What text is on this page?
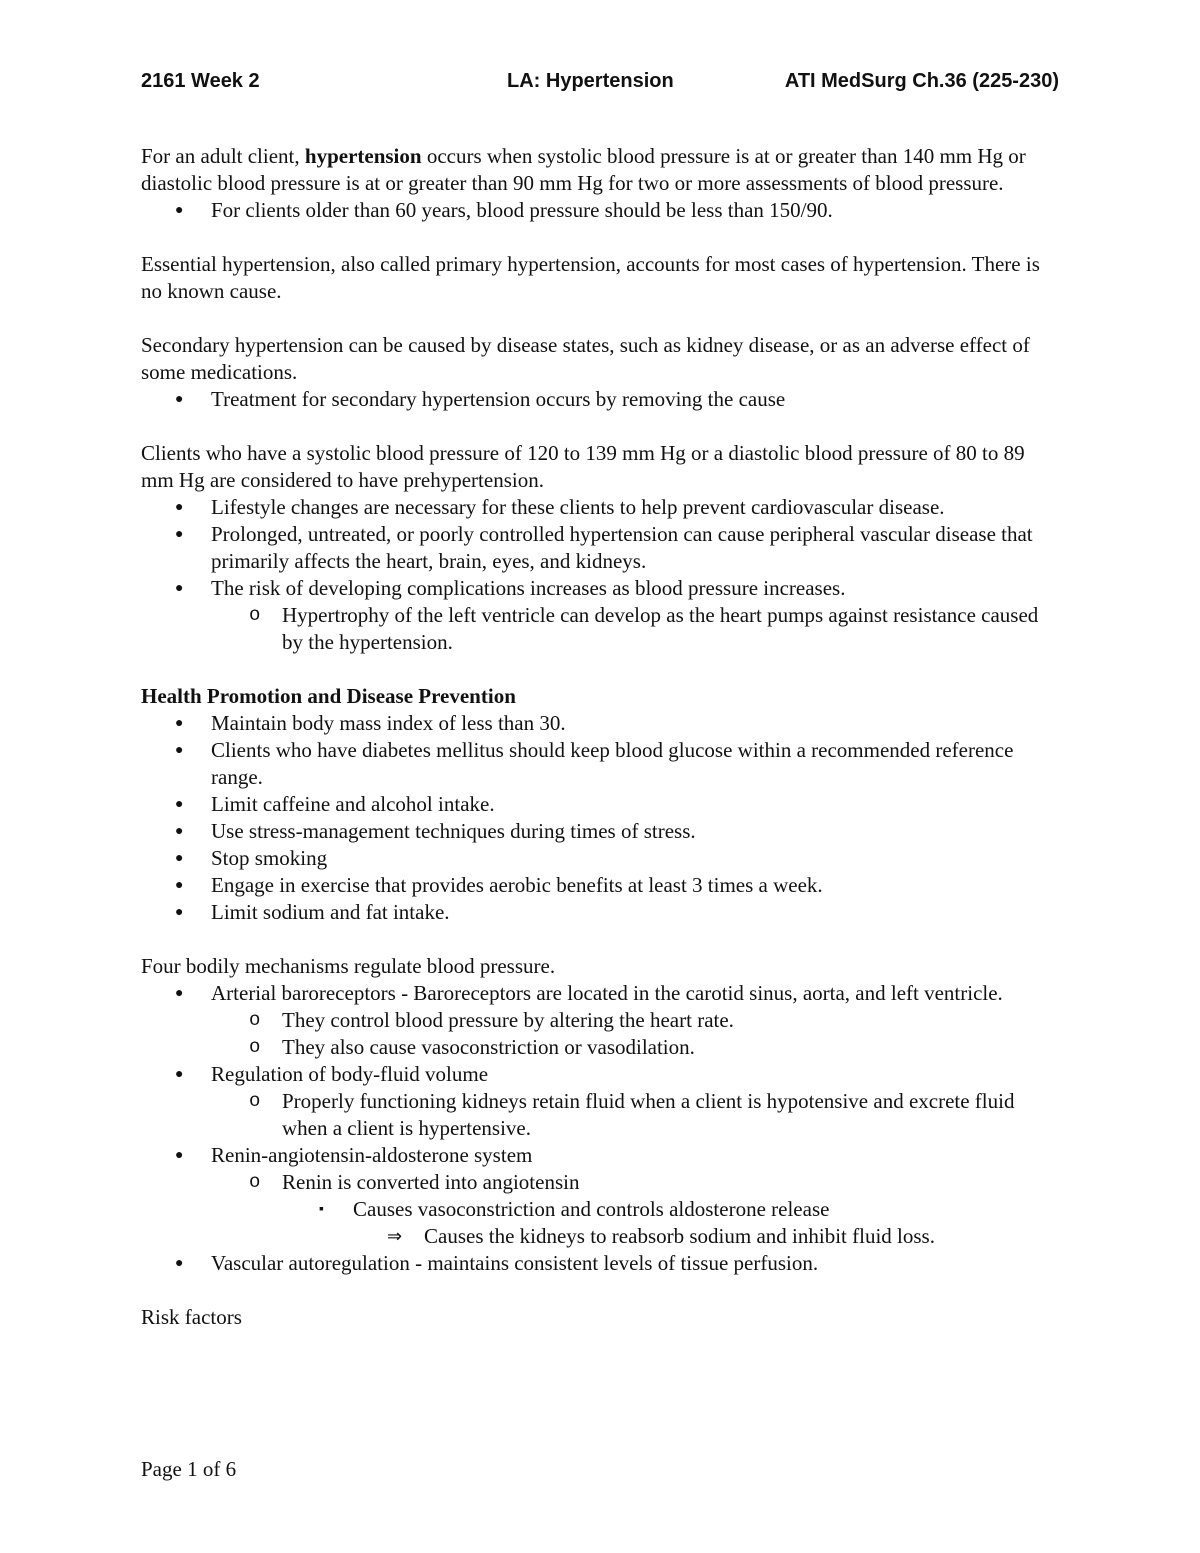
2161 Week 2	LA: Hypertension	ATI MedSurg Ch.36 (225-230)

For an adult client, hypertension occurs when systolic blood pressure is at or greater than 140 mm Hg or diastolic blood pressure is at or greater than 90 mm Hg for two or more assessments of blood pressure.

● For clients older than 60 years, blood pressure should be less than 150/90.

Essential hypertension, also called primary hypertension, accounts for most cases of hypertension. There is no known cause.

Secondary hypertension can be caused by disease states, such as kidney disease, or as an adverse effect of some medications.

● Treatment for secondary hypertension occurs by removing the cause

Clients who have a systolic blood pressure of 120 to 139 mm Hg or a diastolic blood pressure of 80 to 89 mm Hg are considered to have prehypertension.

● Lifestyle changes are necessary for these clients to help prevent cardiovascular disease.
● Prolonged, untreated, or poorly controlled hypertension can cause peripheral vascular disease that primarily affects the heart, brain, eyes, and kidneys.
● The risk of developing complications increases as blood pressure increases.
o Hypertrophy of the left ventricle can develop as the heart pumps against resistance caused by the hypertension.

Health Promotion and Disease Prevention

● Maintain body mass index of less than 30.
● Clients who have diabetes mellitus should keep blood glucose within a recommended reference range.
● Limit caffeine and alcohol intake.
● Use stress-management techniques during times of stress.
● Stop smoking
● Engage in exercise that provides aerobic benefits at least 3 times a week.
● Limit sodium and fat intake.

Four bodily mechanisms regulate blood pressure.

● Arterial baroreceptors - Baroreceptors are located in the carotid sinus, aorta, and left ventricle.
o They control blood pressure by altering the heart rate.
o They also cause vasoconstriction or vasodilation.
● Regulation of body-fluid volume
o Properly functioning kidneys retain fluid when a client is hypotensive and excrete fluid when a client is hypertensive.
● Renin-angiotensin-aldosterone system
o Renin is converted into angiotensin
▪ Causes vasoconstriction and controls aldosterone release
⇒ Causes the kidneys to reabsorb sodium and inhibit fluid loss.
● Vascular autoregulation - maintains consistent levels of tissue perfusion.

Risk factors

Page 1 of 6
